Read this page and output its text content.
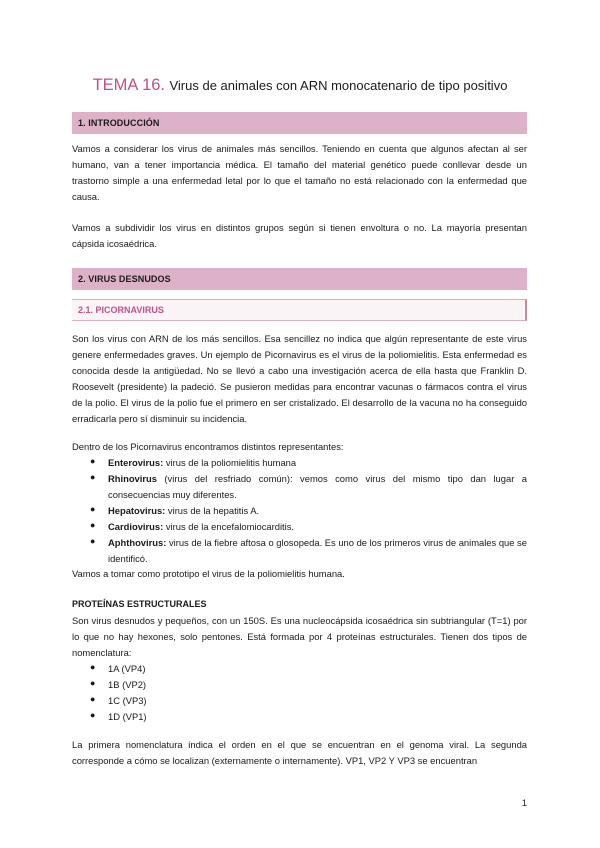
TEMA 16. Virus de animales con ARN monocatenario de tipo positivo
1. INTRODUCCIÓN

Vamos a considerar los virus de animales más sencillos. Teniendo en cuenta que algunos afectan al ser humano, van a tener importancia médica. El tamaño del material genético puede conllevar desde un trastorno simple a una enfermedad letal por lo que el tamaño no está relacionado con la enfermedad que causa.

Vamos a subdividir los virus en distintos grupos según si tienen envoltura o no. La mayoría presentan cápsida icosaédrica.

2. VIRUS DESNUDOS
2.1. PICORNAVIRUS

Son los virus con ARN de los más sencillos. Esa sencillez no indica que algún representante de este virus genere enfermedades graves. Un ejemplo de Picornavirus es el virus de la poliomielitis. Esta enfermedad es conocida desde la antigüedad. No se llevó a cabo una investigación acerca de ella hasta que Franklin D. Roosevelt (presidente) la padeció. Se pusieron medidas para encontrar vacunas o fármacos contra el virus de la polio. El virus de la polio fue el primero en ser cristalizado. El desarrollo de la vacuna no ha conseguido erradicarla pero sí disminuir su incidencia.

Dentro de los Picornavirus encontramos distintos representantes:

●	Enterovirus: virus de la poliomielitis humana

●	Rhinovirus (virus del resfriado común): vemos como virus del mismo tipo dan lugar a consecuencias muy diferentes.

●	Hepatovirus: virus de la hepatitis A.

●	Cardiovirus: virus de la encefalomiocarditis.

●	Aphthovirus: virus de la fiebre aftosa o glosopeda. Es uno de los primeros virus de animales que se identificó.

Vamos a tomar como prototipo el virus de la poliomielitis humana.

PROTEÍNAS ESTRUCTURALES

Son virus desnudos y pequeños, con un 150S. Es una nucleocápsida icosaédrica sin subtriangular (T=1) por lo que no hay hexones, solo pentones. Está formada por 4 proteínas estructurales. Tienen dos tipos de nomenclatura:

●	1A (VP4)

●	1B (VP2)

●	1C (VP3)

●	1D (VP1)

La primera nomenclatura indica el orden en el que se encuentran en el genoma viral. La segunda corresponde a cómo se localizan (externamente o internamente). VP1, VP2 Y VP3 se encuentran

1
